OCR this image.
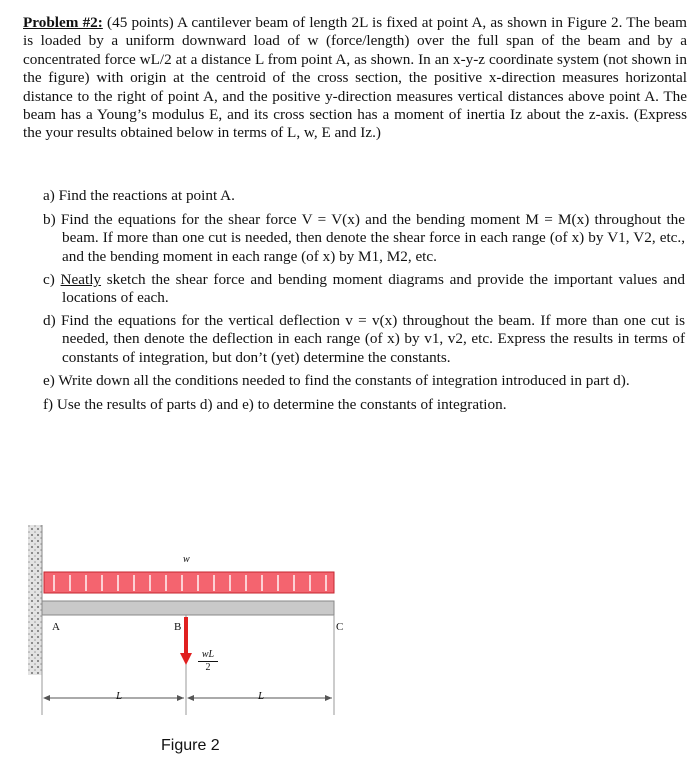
Problem #2: (45 points) A cantilever beam of length 2L is fixed at point A, as shown in Figure 2. The beam is loaded by a uniform downward load of w (force/length) over the full span of the beam and by a concentrated force wL/2 at a distance L from point A, as shown. In an x-y-z coordinate system (not shown in the figure) with origin at the centroid of the cross section, the positive x-direction measures horizontal distance to the right of point A, and the positive y-direction measures vertical distances above point A. The beam has a Young’s modulus E, and its cross section has a moment of inertia Iz about the z-axis. (Express the your results obtained below in terms of L, w, E and Iz.)
a) Find the reactions at point A.
b) Find the equations for the shear force V = V(x) and the bending moment M = M(x) throughout the beam. If more than one cut is needed, then denote the shear force in each range (of x) by V1, V2, etc., and the bending moment in each range (of x) by M1, M2, etc.
c) Neatly sketch the shear force and bending moment diagrams and provide the important values and locations of each.
d) Find the equations for the vertical deflection v = v(x) throughout the beam. If more than one cut is needed, then denote the deflection in each range (of x) by v1, v2, etc. Express the results in terms of constants of integration, but don’t (yet) determine the constants.
e) Write down all the conditions needed to find the constants of integration introduced in part d).
f) Use the results of parts d) and e) to determine the constants of integration.
w
A	B	C
wL
2
L	L
Figure 2
